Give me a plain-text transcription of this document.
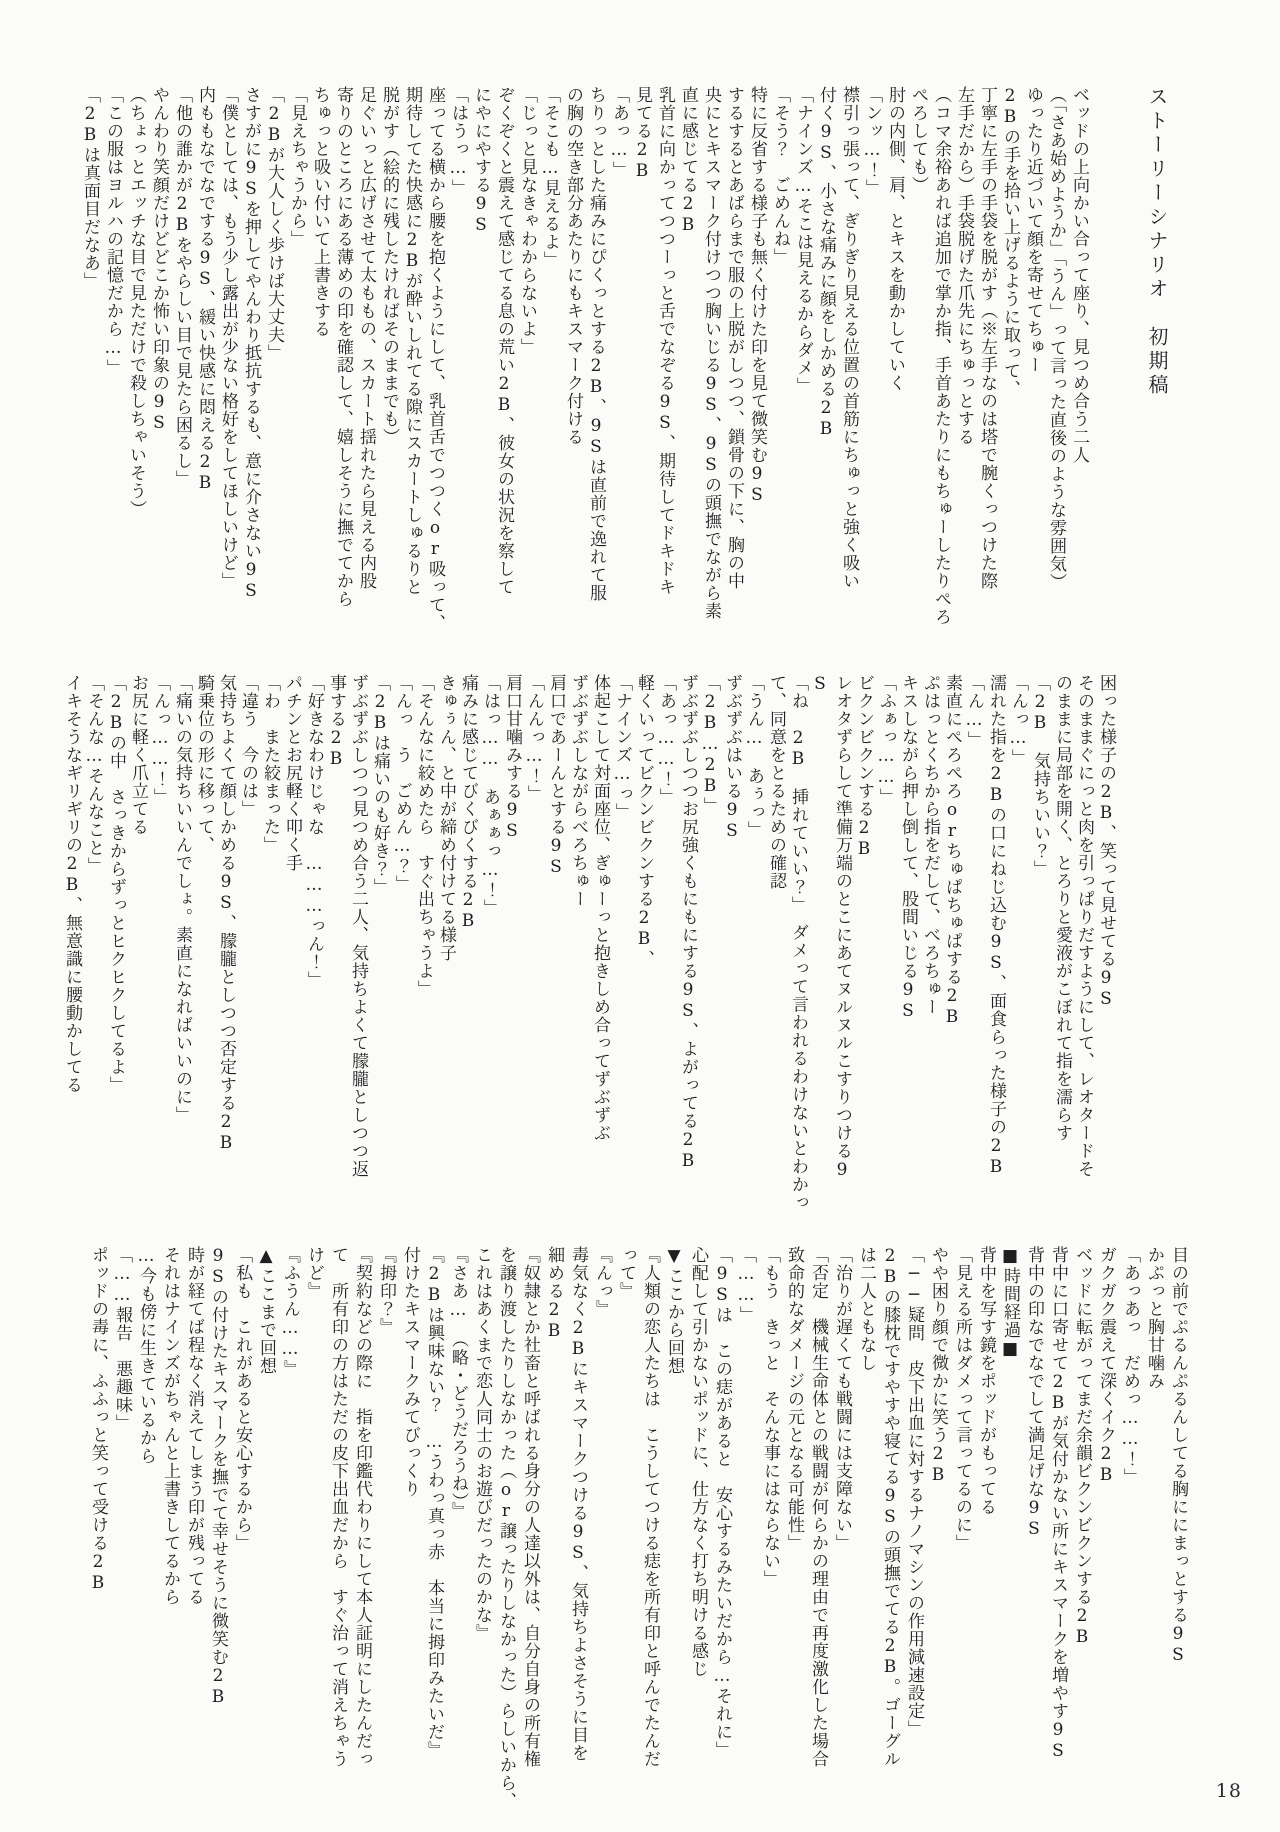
ストーリーシナリオ　初期稿

ベッドの上向かい合って座り、見つめ合う二人

（「さあ始めようか」「うん」って言った直後のような雰囲気）

ゆったり近づいて顔を寄せてちゅー

2Bの手を拾い上げるように取って、

丁寧に左手の手袋を脱がす（※左手なのは塔で腕くっつけた際

左手だから）手袋脱げた爪先にちゅっとする

（コマ余裕あれば追加で掌か指、手首あたりにもちゅーしたりぺろ

ぺろしても）

肘の内側、肩、とキスを動かしていく

「ンッ…！」

襟引っ張って、ぎりぎり見える位置の首筋にちゅっと強く吸い

付く9S、小さな痛みに顔をしかめる2B

「ナインズ…そこは見えるからダメ」

「そう？　ごめんね」

特に反省する様子も無く付けた印を見て微笑む9S

するするとあばらまで服の上脱がしつつ、鎖骨の下に、胸の中

央にとキスマーク付けつつ胸いじる9S、9Sの頭撫でながら素

直に感じてる2B

乳首に向かってつつーっと舌でなぞる9S、期待してドキドキ

見てる2B

「あっ…」

ちりっとした痛みにぴくっとする2B、9Sは直前で逸れて服

の胸の空き部分あたりにもキスマーク付ける

「そこも…見えるよ」

「じっと見なきゃわからないよ」

ぞくぞくと震えて感じてる息の荒い2B、彼女の状況を察して

にやにやする9S

「はうっ…」

座ってる横から腰を抱くようにして、乳首舌でつつくor吸って、

期待してた快感に2Bが酔いしれてる隙にスカートしゅるりと

脱がす（絵的に残したければそのままでも）

足ぐいっと広げさせて太ももの、スカート揺れたら見える内股

寄りのところにある薄めの印を確認して、嬉しそうに撫でてから

ちゅっと吸い付いて上書きする

「見えちゃうから」

「2Bが大人しく歩けば大丈夫」

さすがに9Sを押してやんわり抵抗するも、意に介さない9S

「僕としては、もう少し露出が少ない格好をしてほしいけど」

内ももなでなでする9S、緩い快感に悶える2B

「他の誰かが2Bをやらしい目で見たら困るし」

やんわり笑顔だけどどこか怖い印象の9S

（ちょっとエッチな目で見ただけで殺しちゃいそう）

「この服はヨルハの記憶だから…」

「2Bは真面目だなあ」

困った様子の2B、笑って見せてる9S

そのままぐにっと肉を引っぱりだすようにして、レオタードそ

のままに局部を開く、とろりと愛液がこぼれて指を濡らす

「2B　気持ちいい？」

「んっ…」

濡れた指を2Bの口にねじ込む9S、面食らった様子の2B

「ん…」

素直にぺろぺろorちゅぱちゅぱする2B

ぷはっとくちから指をだして、べろちゅー

キスしながら押し倒して、股間いじる9S

「ふぁっ……」

ビクンビクンする2B

レオタずらして準備万端のとこにあてヌルヌルこすりつける9

S

「ね　2B　挿れていい？」　ダメって言われるわけないとわかっ

て、同意をとるための確認

「うん…　あぅっ」

ずぶずぶはいる9S

「2B…2B」

ずぶずぶしつつお尻強くもにもにする9S、よがってる2B

「あっ……！」

軽くいってビクンビクンする2B、

「ナインズ…っ」

体起こして対面座位、ぎゅーっと抱きしめ合ってずぶずぶ

ずぶずぶしながらべろちゅー

肩口であーんとする9S

「んんっ…！」

肩口甘噛みする9S

「はっ……　あぁぁっ…！」

痛みに感じてびくびくする2B

きゅぅん、と中が締め付けてる様子

「そんなに絞めたら　すぐ出ちゃうよ」

「んっ　う　ごめん…？」

「2Bは痛いのも好き？」

ずぶずぶしつつ見つめ合う二人、気持ちよくて朦朧としつつ返

事する2B

「好きなわけじゃな　………っん！」

パチンとお尻軽く叩く手

「わ　また絞まった」

「違う　今のは」

気持ちよくて顔しかめる9S、朦朧としつつ否定する2B

騎乗位の形に移って、

「痛いの気持ちいいんでしょ。素直になればいいのに」

「んっ……！」

お尻に軽く爪立てる

「2Bの中　さっきからずっとヒクヒクしてるよ」

「そんな…そんなこと」

イキそうなギリギリの2B、無意識に腰動かしてる

目の前でぷるんぷるんしてる胸ににまっとする9S

かぷっと胸甘噛み

「あっあっ　だめっ……！」

ガクガク震えて深くイク2B

ベッドに転がってまだ余韻ビクンビクンする2B

背中に口寄せて2Bが気付かない所にキスマークを増やす9S

背中の印なでなでして満足げな9S

■時間経過■

背中を写す鏡をポッドがもってる

「見える所はダメって言ってるのに」

やや困り顔で微かに笑う2B

「──疑問　皮下出血に対するナノマシンの作用減速設定」

2Bの膝枕ですやすや寝てる9Sの頭撫でてる2B。ゴーグル

は二人ともなし

「治りが遅くても戦闘には支障ない」

「否定　機械生命体との戦闘が何らかの理由で再度激化した場合

致命的なダメージの元となる可能性」

「もう　きっと　そんな事にはならない」

「……」

「9Sは　この痣があると　安心するみたいだから…それに」

心配して引かないポッドに、仕方なく打ち明ける感じ

▼ここから回想

『人類の恋人たちは　こうしてつける痣を所有印と呼んでたんだ

って』

『んっ』

毒気なく2Bにキスマークつける9S、気持ちよさそうに目を

細める2B

『奴隷とか社畜と呼ばれる身分の人達以外は、自分自身の所有権

を譲り渡したりしなかった（or譲ったりしなかった）らしいから、

これはあくまで恋人同士のお遊びだったのかな』

『さあ…　（略・どうだろうね）』

『2Bは興味ない？　…うわっ真っ赤　本当に拇印みたいだ』

付けたキスマークみてびっくり

『拇印？』

『契約などの際に　指を印鑑代わりにして本人証明にしたんだっ

て　所有印の方はただの皮下出血だから　すぐ治って消えちゃう

けど』

『ふうん……』

▲ここまで回想

「私も　これがあると安心するから」

9Sの付けたキスマークを撫でて幸せそうに微笑む2B

時が経てば程なく消えてしまう印が残ってる

それはナインズがちゃんと上書きしてるから

…今も傍に生きているから

「……報告　悪趣味」

ポッドの毒に、ふふっと笑って受ける2B

18
